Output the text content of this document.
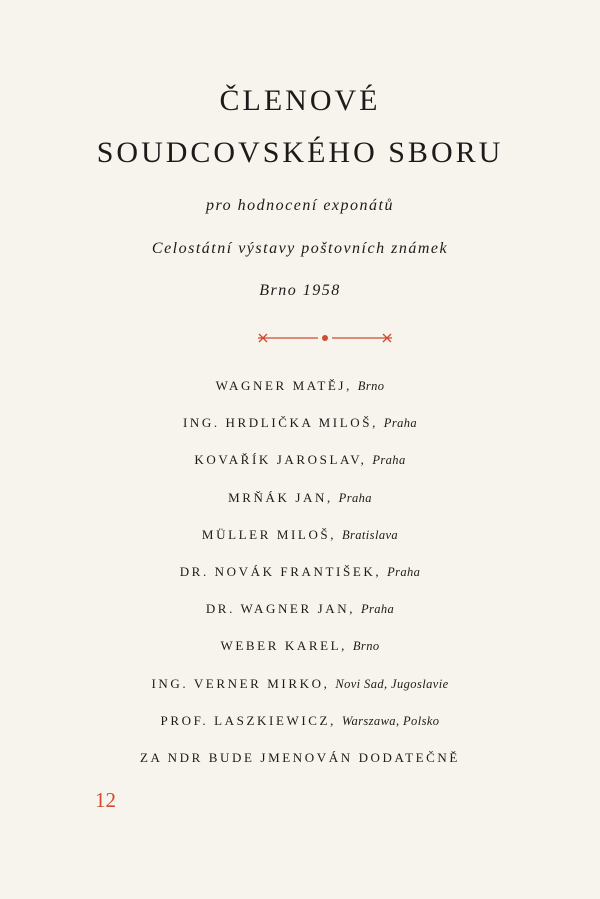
ČLENOVÉ
SOUDCOVSKÉHO SBORU
pro hodnocení exponátů
Celostátní výstavy poštovních známek
Brno 1958
WAGNER MATĚJ, Brno
ING. HRDLIČKA MILOŠ, Praha
KOVAŘÍK JAROSLAV, Praha
MRŇÁK JAN, Praha
MÜLLER MILOŠ, Bratislava
DR. NOVÁK FRANTIŠEK, Praha
DR. WAGNER JAN, Praha
WEBER KAREL, Brno
ING. VERNER MIRKO, Novi Sad, Jugoslavie
PROF. LASZKIEWICZ, Warszawa, Polsko
ZA NDR BUDE JMENOVÁN DODATEČNĚ
12
